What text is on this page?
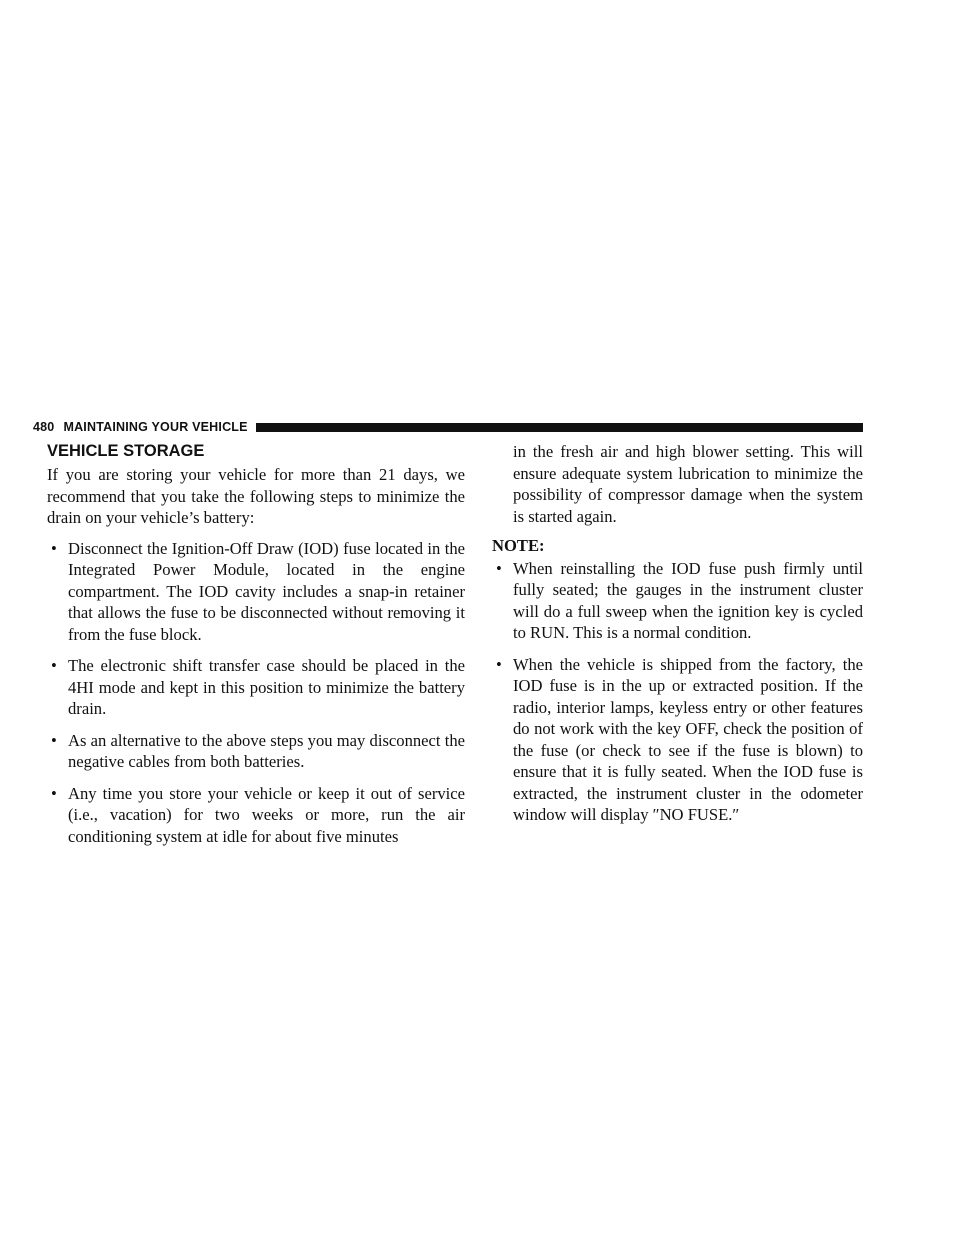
480 MAINTAINING YOUR VEHICLE
VEHICLE STORAGE

If you are storing your vehicle for more than 21 days, we recommend that you take the following steps to minimize the drain on your vehicle’s battery:

• Disconnect the Ignition-Off Draw (IOD) fuse located in the Integrated Power Module, located in the engine compartment. The IOD cavity includes a snap-in retainer that allows the fuse to be disconnected without removing it from the fuse block.
• The electronic shift transfer case should be placed in the 4HI mode and kept in this position to minimize the battery drain.
• As an alternative to the above steps you may disconnect the negative cables from both batteries.
• Any time you store your vehicle or keep it out of service (i.e., vacation) for two weeks or more, run the air conditioning system at idle for about five minutes

in the fresh air and high blower setting. This will ensure adequate system lubrication to minimize the possibility of compressor damage when the system is started again.

NOTE:
• When reinstalling the IOD fuse push firmly until fully seated; the gauges in the instrument cluster will do a full sweep when the ignition key is cycled to RUN. This is a normal condition.
• When the vehicle is shipped from the factory, the IOD fuse is in the up or extracted position. If the radio, interior lamps, keyless entry or other features do not work with the key OFF, check the position of the fuse (or check to see if the fuse is blown) to ensure that it is fully seated. When the IOD fuse is extracted, the instrument cluster in the odometer window will display ″NO FUSE.″
